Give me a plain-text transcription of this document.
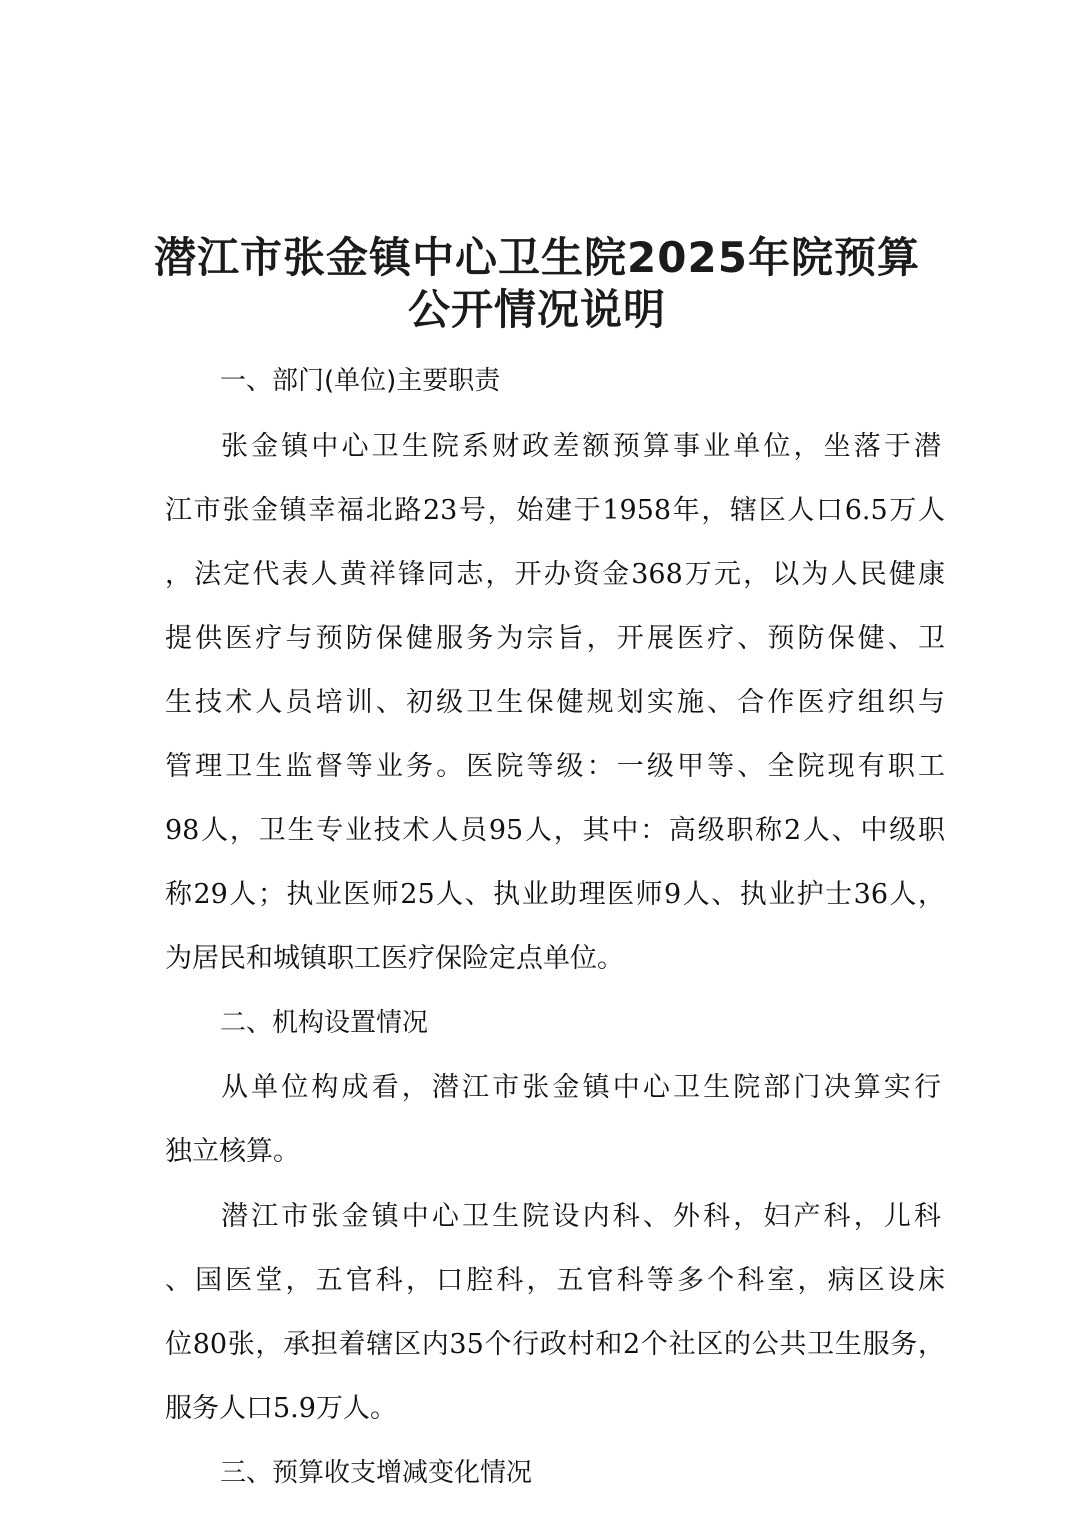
潜江市张金镇中心卫生院2025年院预算
公开情况说明
一、部门(单位)主要职责
张金镇中心卫生院系财政差额预算事业单位，坐落于潜
江市张金镇幸福北路23号，始建于1958年，辖区人口6.5万人
，法定代表人黄祥锋同志，开办资金368万元，以为人民健康
提供医疗与预防保健服务为宗旨，开展医疗、预防保健、卫
生技术人员培训、初级卫生保健规划实施、合作医疗组织与
管理卫生监督等业务。医院等级：一级甲等、全院现有职工
98人，卫生专业技术人员95人，其中：高级职称2人、中级职
称29人；执业医师25人、执业助理医师9人、执业护士36人，
为居民和城镇职工医疗保险定点单位。
二、机构设置情况
从单位构成看，潜江市张金镇中心卫生院部门决算实行
独立核算。
潜江市张金镇中心卫生院设内科、外科，妇产科，儿科
、国医堂，五官科，口腔科，五官科等多个科室，病区设床
位80张，承担着辖区内35个行政村和2个社区的公共卫生服务，
服务人口5.9万人。
三、预算收支增减变化情况
